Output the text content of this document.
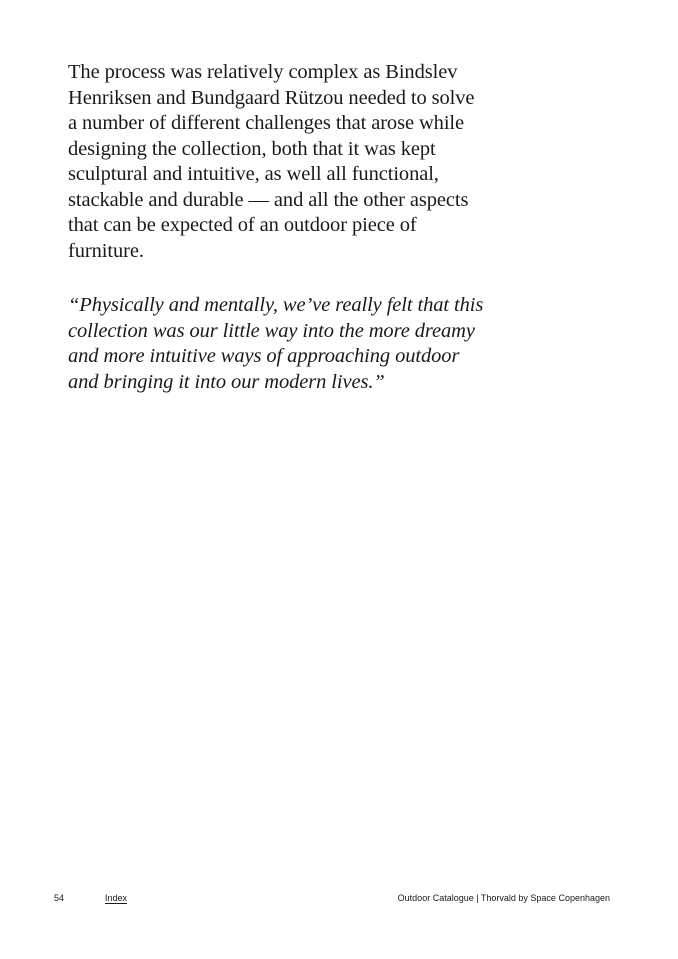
The process was relatively complex as Bindslev Henriksen and Bundgaard Rützou needed to solve a number of different challenges that arose while designing the collection, both that it was kept sculptural and intuitive, as well all functional, stackable and durable — and all the other aspects that can be expected of an outdoor piece of furniture.

“Physically and mentally, we’ve really felt that this collection was our little way into the more dreamy and more intuitive ways of approaching outdoor and bringing it into our modern lives.”

54	Index	Outdoor Catalogue | Thorvald by Space Copenhagen
